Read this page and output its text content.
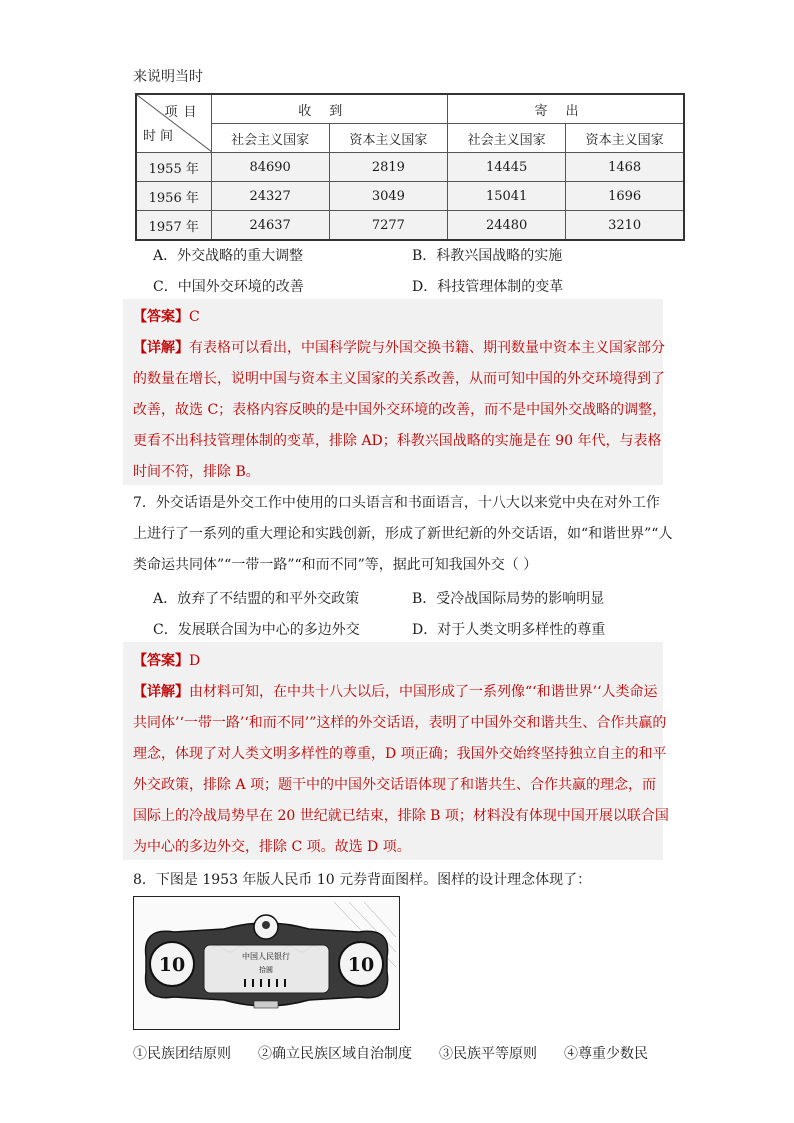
来说明当时
项目
时间	收到		寄出	
	社会主义国家	资本主义国家	社会主义国家	资本主义国家
1955 年	84690	2819	14445	1468
1956 年	24327	3049	15041	1696
1957 年	24637	7277	24480	3210
A．外交战略的重大调整	B．科教兴国战略的实施
C．中国外交环境的改善	D．科技管理体制的变革
【答案】C
【详解】有表格可以看出，中国科学院与外国交换书籍、期刊数量中资本主义国家部分
的数量在增长，说明中国与资本主义国家的关系改善，从而可知中国的外交环境得到了
改善，故选 C；表格内容反映的是中国外交环境的改善，而不是中国外交战略的调整，
更看不出科技管理体制的变革，排除 AD；科教兴国战略的实施是在 90 年代，与表格
时间不符，排除 B。
7．外交话语是外交工作中使用的口头语言和书面语言，十八大以来党中央在对外工作
上进行了一系列的重大理论和实践创新，形成了新世纪新的外交话语，如“和谐世界”“人
类命运共同体”“一带一路”“和而不同”等，据此可知我国外交（ ）
A．放弃了不结盟的和平外交政策	B．受冷战国际局势的影响明显
C．发展联合国为中心的多边外交	D．对于人类文明多样性的尊重
【答案】D
【详解】由材料可知，在中共十八大以后，中国形成了一系列像“‘和谐世界’‘人类命运
共同体’‘一带一路’‘和而不同’”这样的外交话语，表明了中国外交和谐共生、合作共赢的
理念，体现了对人类文明多样性的尊重，D 项正确；我国外交始终坚持独立自主的和平
外交政策，排除 A 项；题干中的中国外交话语体现了和谐共生、合作共赢的理念，而
国际上的冷战局势早在 20 世纪就已结束，排除 B 项；材料没有体现中国开展以联合国
为中心的多边外交，排除 C 项。故选 D 项。
8．下图是 1953 年版人民币 10 元券背面图样。图样的设计理念体现了：
10	10
中国人民银行
拾圆
①民族团结原则 ②确立民族区域自治制度 ③民族平等原则 ④尊重少数民
